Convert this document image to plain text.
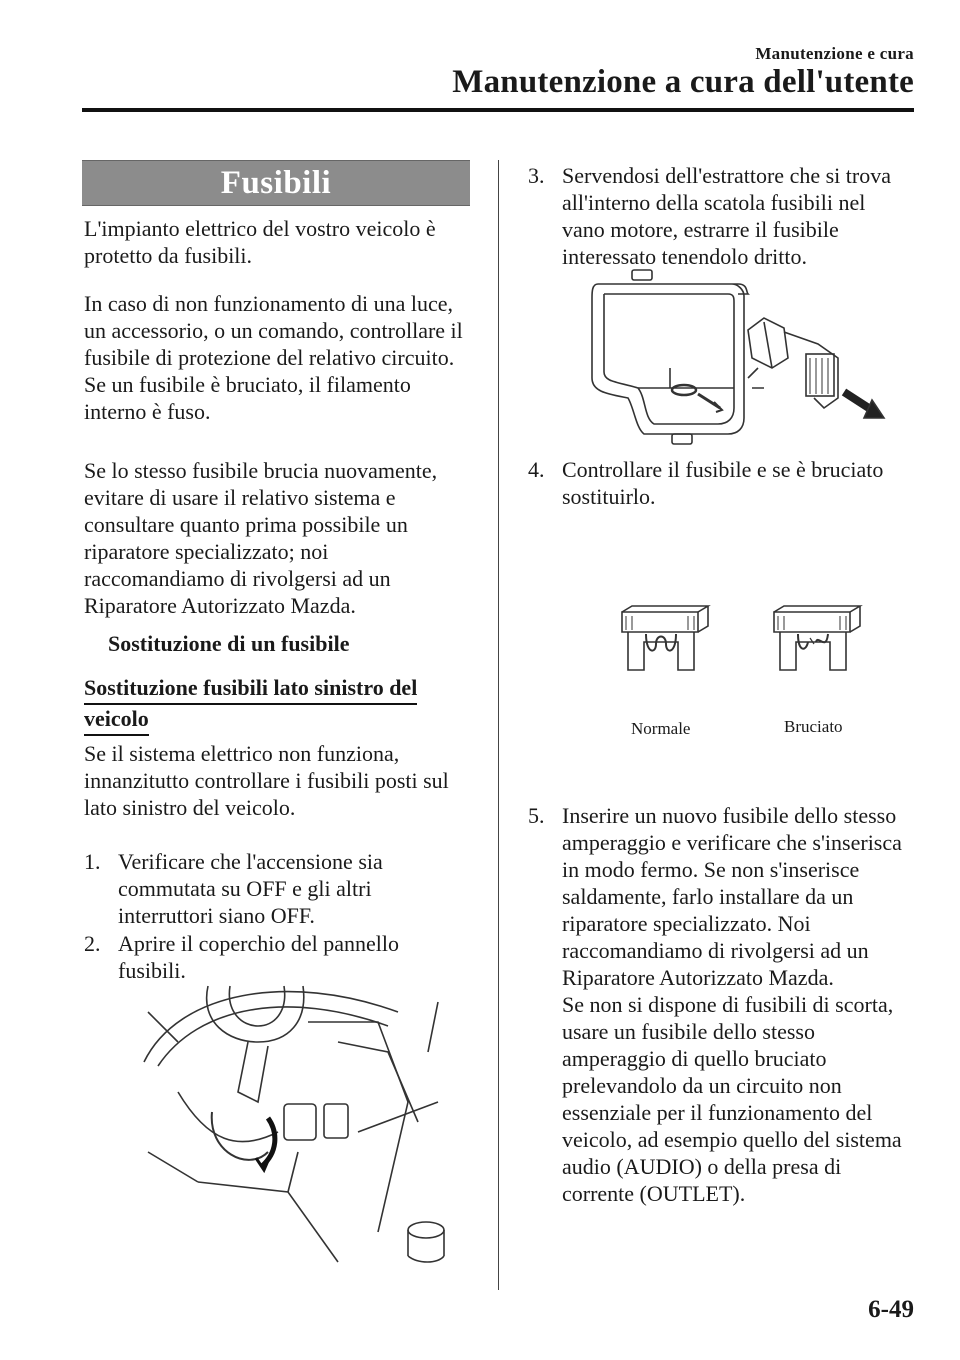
Manutenzione e cura
Manutenzione a cura dell'utente
Fusibili
L'impianto elettrico del vostro veicolo è
protetto da fusibili.
In caso di non funzionamento di una luce,
un accessorio, o un comando, controllare il
fusibile di protezione del relativo circuito.
Se un fusibile è bruciato, il filamento
interno è fuso.
Se lo stesso fusibile brucia nuovamente,
evitare di usare il relativo sistema e
consultare quanto prima possibile un
riparatore specializzato; noi
raccomandiamo di rivolgersi ad un
Riparatore Autorizzato Mazda.
Sostituzione di un fusibile
Sostituzione fusibili lato sinistro del
veicolo
Se il sistema elettrico non funziona,
innanzitutto controllare i fusibili posti sul
lato sinistro del veicolo.
1. Verificare che l'accensione sia
commutata su OFF e gli altri
interruttori siano OFF.
2. Aprire il coperchio del pannello
fusibili.
3. Servendosi dell'estrattore che si trova
all'interno della scatola fusibili nel
vano motore, estrarre il fusibile
interessato tenendolo dritto.
4. Controllare il fusibile e se è bruciato
sostituirlo.
Normale	Bruciato
5. Inserire un nuovo fusibile dello stesso
amperaggio e verificare che s'inserisca
in modo fermo. Se non s'inserisce
saldamente, farlo installare da un
riparatore specializzato. Noi
raccomandiamo di rivolgersi ad un
Riparatore Autorizzato Mazda.
Se non si dispone di fusibili di scorta,
usare un fusibile dello stesso
amperaggio di quello bruciato
prelevandolo da un circuito non
essenziale per il funzionamento del
veicolo, ad esempio quello del sistema
audio (AUDIO) o della presa di
corrente (OUTLET).
6-49
